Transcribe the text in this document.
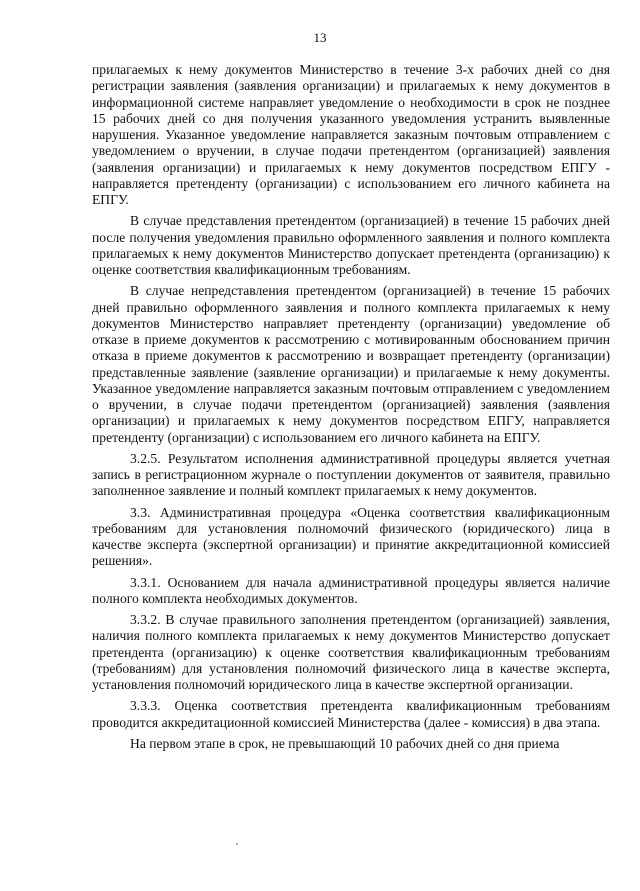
13

прилагаемых к нему документов Министерство в течение 3-х рабочих дней со дня регистрации заявления (заявления организации) и прилагаемых к нему документов в информационной системе направляет уведомление о необходимости в срок не позднее 15 рабочих дней со дня получения указанного уведомления устранить выявленные нарушения. Указанное уведомление направляется заказным почтовым отправлением с уведомлением о вручении, в случае подачи претендентом (организацией) заявления (заявления организации) и прилагаемых к нему документов посредством ЕПГУ - направляется претенденту (организации) с использованием его личного кабинета на ЕПГУ.

В случае представления претендентом (организацией) в течение 15 рабочих дней после получения уведомления правильно оформленного заявления и полного комплекта прилагаемых к нему документов Министерство допускает претендента (организацию) к оценке соответствия квалификационным требованиям.

В случае непредставления претендентом (организацией) в течение 15 рабочих дней правильно оформленного заявления и полного комплекта прилагаемых к нему документов Министерство направляет претенденту (организации) уведомление об отказе в приеме документов к рассмотрению с мотивированным обоснованием причин отказа в приеме документов к рассмотрению и возвращает претенденту (организации) представленные заявление (заявление организации) и прилагаемые к нему документы. Указанное уведомление направляется заказным почтовым отправлением с уведомлением о вручении, в случае подачи претендентом (организацией) заявления (заявления организации) и прилагаемых к нему документов посредством ЕПГУ, направляется претенденту (организации) с использованием его личного кабинета на ЕПГУ.

3.2.5. Результатом исполнения административной процедуры является учетная запись в регистрационном журнале о поступлении документов от заявителя, правильно заполненное заявление и полный комплект прилагаемых к нему документов.

3.3. Административная процедура «Оценка соответствия квалификационным требованиям для установления полномочий физического (юридического) лица в качестве эксперта (экспертной организации) и принятие аккредитационной комиссией решения».

3.3.1. Основанием для начала административной процедуры является наличие полного комплекта необходимых документов.

3.3.2. В случае правильного заполнения претендентом (организацией) заявления, наличия полного комплекта прилагаемых к нему документов Министерство допускает претендента (организацию) к оценке соответствия квалификационным требованиям (требованиям) для установления полномочий физического лица в качестве эксперта, установления полномочий юридического лица в качестве экспертной организации.

3.3.3. Оценка соответствия претендента квалификационным требованиям проводится аккредитационной комиссией Министерства (далее - комиссия) в два этапа.

На первом этапе в срок, не превышающий 10 рабочих дней со дня приема
